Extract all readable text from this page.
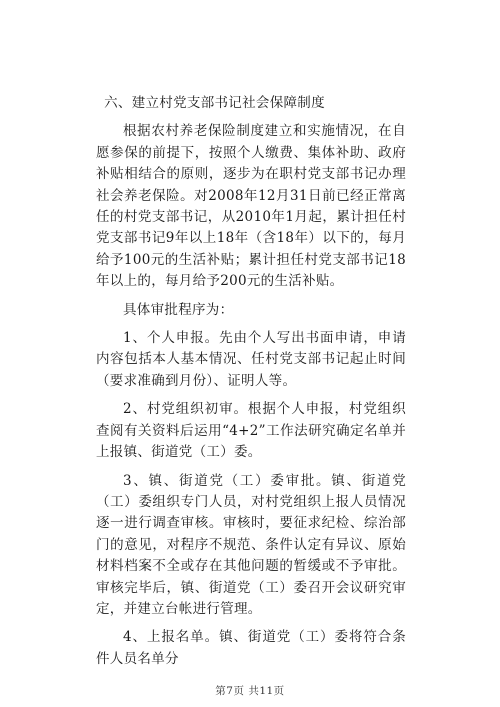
六、建立村党支部书记社会保障制度

根据农村养老保险制度建立和实施情况，在自愿参保的前提下，按照个人缴费、集体补助、政府补贴相结合的原则，逐步为在职村党支部书记办理社会养老保险。对2008年12月31日前已经正常离任的村党支部书记，从2010年1月起，累计担任村党支部书记9年以上18年（含18年）以下的，每月给予100元的生活补贴；累计担任村党支部书记18年以上的，每月给予200元的生活补贴。

具体审批程序为：

1、个人申报。先由个人写出书面申请，申请内容包括本人基本情况、任村党支部书记起止时间（要求准确到月份）、证明人等。

2、村党组织初审。根据个人申报，村党组织查阅有关资料后运用“4+2”工作法研究确定名单并上报镇、街道党（工）委。

3、镇、街道党（工）委审批。镇、街道党（工）委组织专门人员，对村党组织上报人员情况逐一进行调查审核。审核时，要征求纪检、综治部门的意见，对程序不规范、条件认定有异议、原始材料档案不全或存在其他问题的暂缓或不予审批。审核完毕后，镇、街道党（工）委召开会议研究审定，并建立台帐进行管理。

4、上报名单。镇、街道党（工）委将符合条件人员名单分

第7页 共11页
